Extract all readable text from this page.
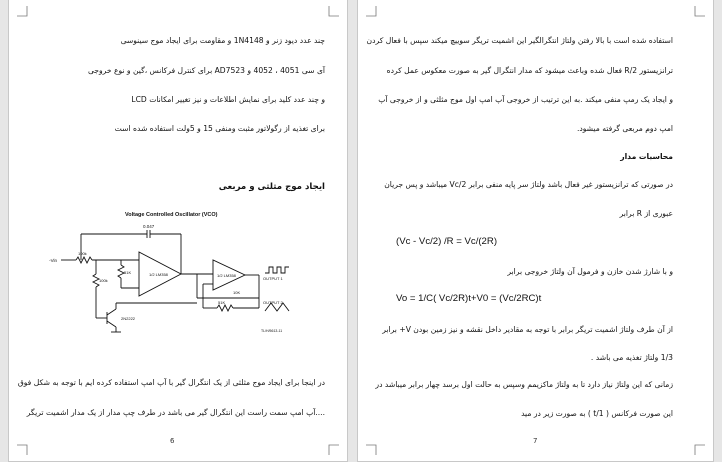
چند عدد دیود زنر و 1N4148 و مقاومت برای ایجاد موج سینوسی
آی سی 4051 ، 4052 و AD7523 برای کنترل فرکانس ،گین و نوع خروجی
LCD و چند عدد کلید برای نمایش اطلاعات و نیز تغییر امکانات
برای تغذیه از رگولاتور مثبت ومنفی 15 و 5ولت استفاده شده است
ایجاد موج مثلثی و مربعی
Voltage Controlled Oscillator (VCO)
-Vin
0.047
100k
100k
51K
51K
10K
1/2 LM358	1/2 LM358
OUTPUT 1
OUTPUT 2
2N2222
TL/H/5613-11
در اینجا برای ایجاد موج مثلثی از یک انتگرال گیر با آپ امپ استفاده کرده ایم با توجه به شکل فوق
....آپ امپ سمت راست این انتگرال گیر می باشد در طرف چپ مدار از یک مدار اشمیت تریگر
6
استفاده شده است با بالا رفتن ولتاژ انتگرالگیر این اشمیت تریگر سوییچ میکند سپس با فعال کردن
ترانزیستور R/2 فعال شده وباعث میشود که مدار انتگرال گیر به صورت معکوس عمل کرده
و ایجاد یک رمپ منفی میکند .به این ترتیب از خروجی آپ امپ اول موج مثلثی و از خروجی آپ
امپ دوم مربعی گرفته میشود.
محاسبات مدار
در صورتی که ترانزیستور غیر فعال باشد ولتاژ سر پایه منفی برابر Vc/2 میباشد و پس جریان
عبوری از R برابر
(Vc - Vc/2) /R = Vc/(2R)
و با شارژ شدن خازن و فرمول آن ولتاژ خروجی برابر
Vo = 1/C( Vc/2R)t+V0 = (Vc/2RC)t
از آن طرف ولتاژ اشمیت تریگر برابر با توجه به مقادیر داخل نقشه و نیز زمین بودن V+ برابر
1/3 ولتاژ تغذیه می باشد .
زمانی که این ولتاژ نیاز دارد تا به ولتاژ ماکزیمم وسپس به حالت اول برسد چهار برابر میباشد در
این صورت فرکانس ( 1/t ) به صورت زیر در مید
7
